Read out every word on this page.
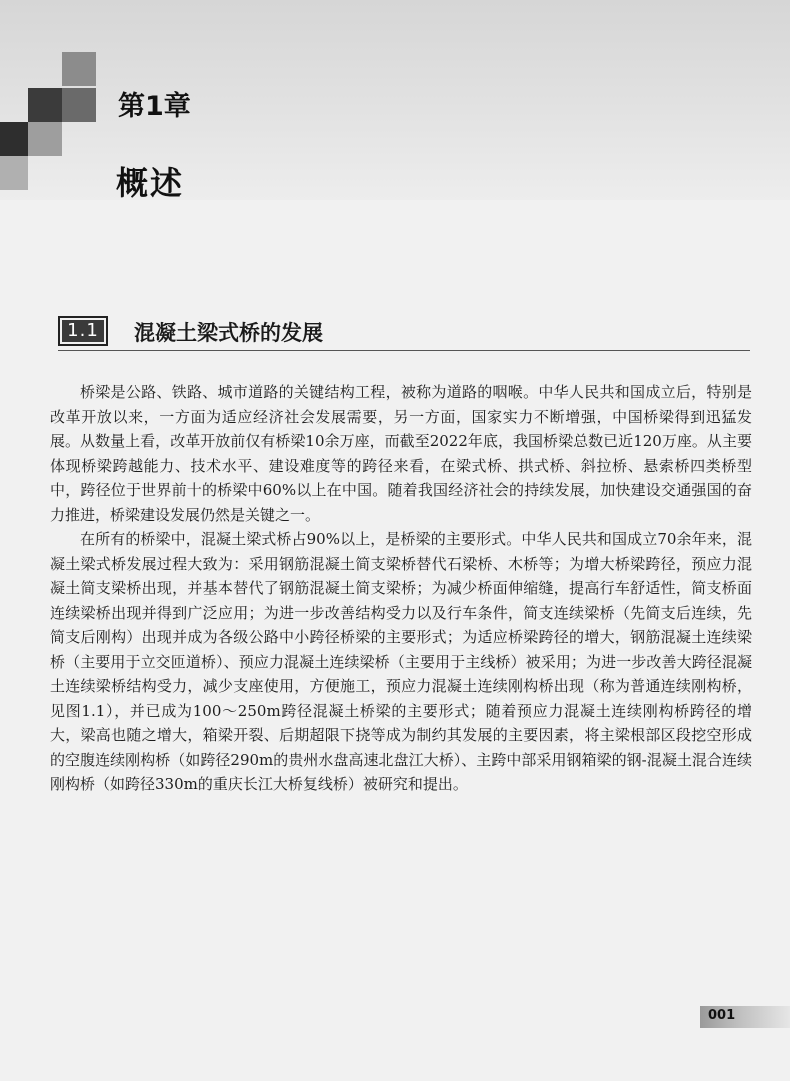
第1章
概述
1.1 混凝土梁式桥的发展

桥梁是公路、铁路、城市道路的关键结构工程，被称为道路的咽喉。中华人民共和国成立后，特别是改革开放以来，一方面为适应经济社会发展需要，另一方面，国家实力不断增强，中国桥梁得到迅猛发展。从数量上看，改革开放前仅有桥梁10余万座，而截至2022年底，我国桥梁总数已近120万座。从主要体现桥梁跨越能力、技术水平、建设难度等的跨径来看，在梁式桥、拱式桥、斜拉桥、悬索桥四类桥型中，跨径位于世界前十的桥梁中60%以上在中国。随着我国经济社会的持续发展，加快建设交通强国的奋力推进，桥梁建设发展仍然是关键之一。

在所有的桥梁中，混凝土梁式桥占90%以上，是桥梁的主要形式。中华人民共和国成立70余年来，混凝土梁式桥发展过程大致为：采用钢筋混凝土简支梁桥替代石梁桥、木桥等；为增大桥梁跨径，预应力混凝土简支梁桥出现，并基本替代了钢筋混凝土简支梁桥；为减少桥面伸缩缝，提高行车舒适性，简支桥面连续梁桥出现并得到广泛应用；为进一步改善结构受力以及行车条件，简支连续梁桥（先简支后连续，先简支后刚构）出现并成为各级公路中小跨径桥梁的主要形式；为适应桥梁跨径的增大，钢筋混凝土连续梁桥（主要用于立交匝道桥）、预应力混凝土连续梁桥（主要用于主线桥）被采用；为进一步改善大跨径混凝土连续梁桥结构受力，减少支座使用，方便施工，预应力混凝土连续刚构桥出现（称为普通连续刚构桥，见图1.1），并已成为100～250m跨径混凝土桥梁的主要形式；随着预应力混凝土连续刚构桥跨径的增大，梁高也随之增大，箱梁开裂、后期超限下挠等成为制约其发展的主要因素，将主梁根部区段挖空形成的空腹连续刚构桥（如跨径290m的贵州水盘高速北盘江大桥）、主跨中部采用钢箱梁的钢-混凝土混合连续刚构桥（如跨径330m的重庆长江大桥复线桥）被研究和提出。

001
